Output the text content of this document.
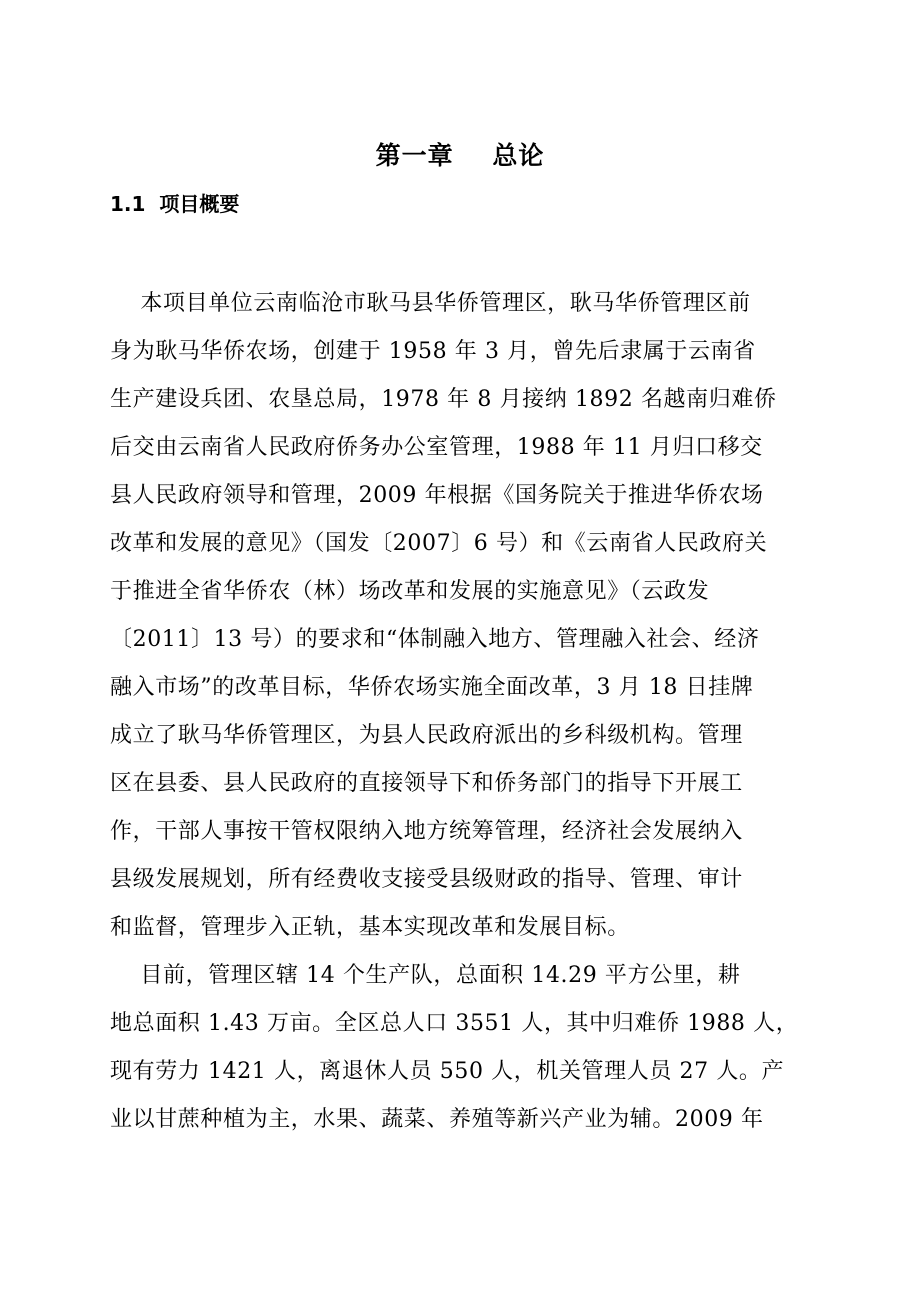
第一章    总论
1.1  项目概要
本项目单位云南临沧市耿马县华侨管理区，耿马华侨管理区前
身为耿马华侨农场，创建于 1958 年 3 月，曾先后隶属于云南省
生产建设兵团、农垦总局，1978 年 8 月接纳 1892 名越南归难侨
后交由云南省人民政府侨务办公室管理，1988 年 11 月归口移交
县人民政府领导和管理，2009 年根据《国务院关于推进华侨农场
改革和发展的意见》（国发〔2007〕6 号）和《云南省人民政府关
于推进全省华侨农（林）场改革和发展的实施意见》（云政发
〔2011〕13 号）的要求和“体制融入地方、管理融入社会、经济
融入市场”的改革目标，华侨农场实施全面改革，3 月 18 日挂牌
成立了耿马华侨管理区，为县人民政府派出的乡科级机构。管理
区在县委、县人民政府的直接领导下和侨务部门的指导下开展工
作，干部人事按干管权限纳入地方统筹管理，经济社会发展纳入
县级发展规划，所有经费收支接受县级财政的指导、管理、审计
和监督，管理步入正轨，基本实现改革和发展目标。
目前，管理区辖 14 个生产队，总面积 14.29 平方公里，耕
地总面积 1.43 万亩。全区总人口 3551 人，其中归难侨 1988 人，
现有劳力 1421 人，离退休人员 550 人，机关管理人员 27 人。产
业以甘蔗种植为主，水果、蔬菜、养殖等新兴产业为辅。2009 年
